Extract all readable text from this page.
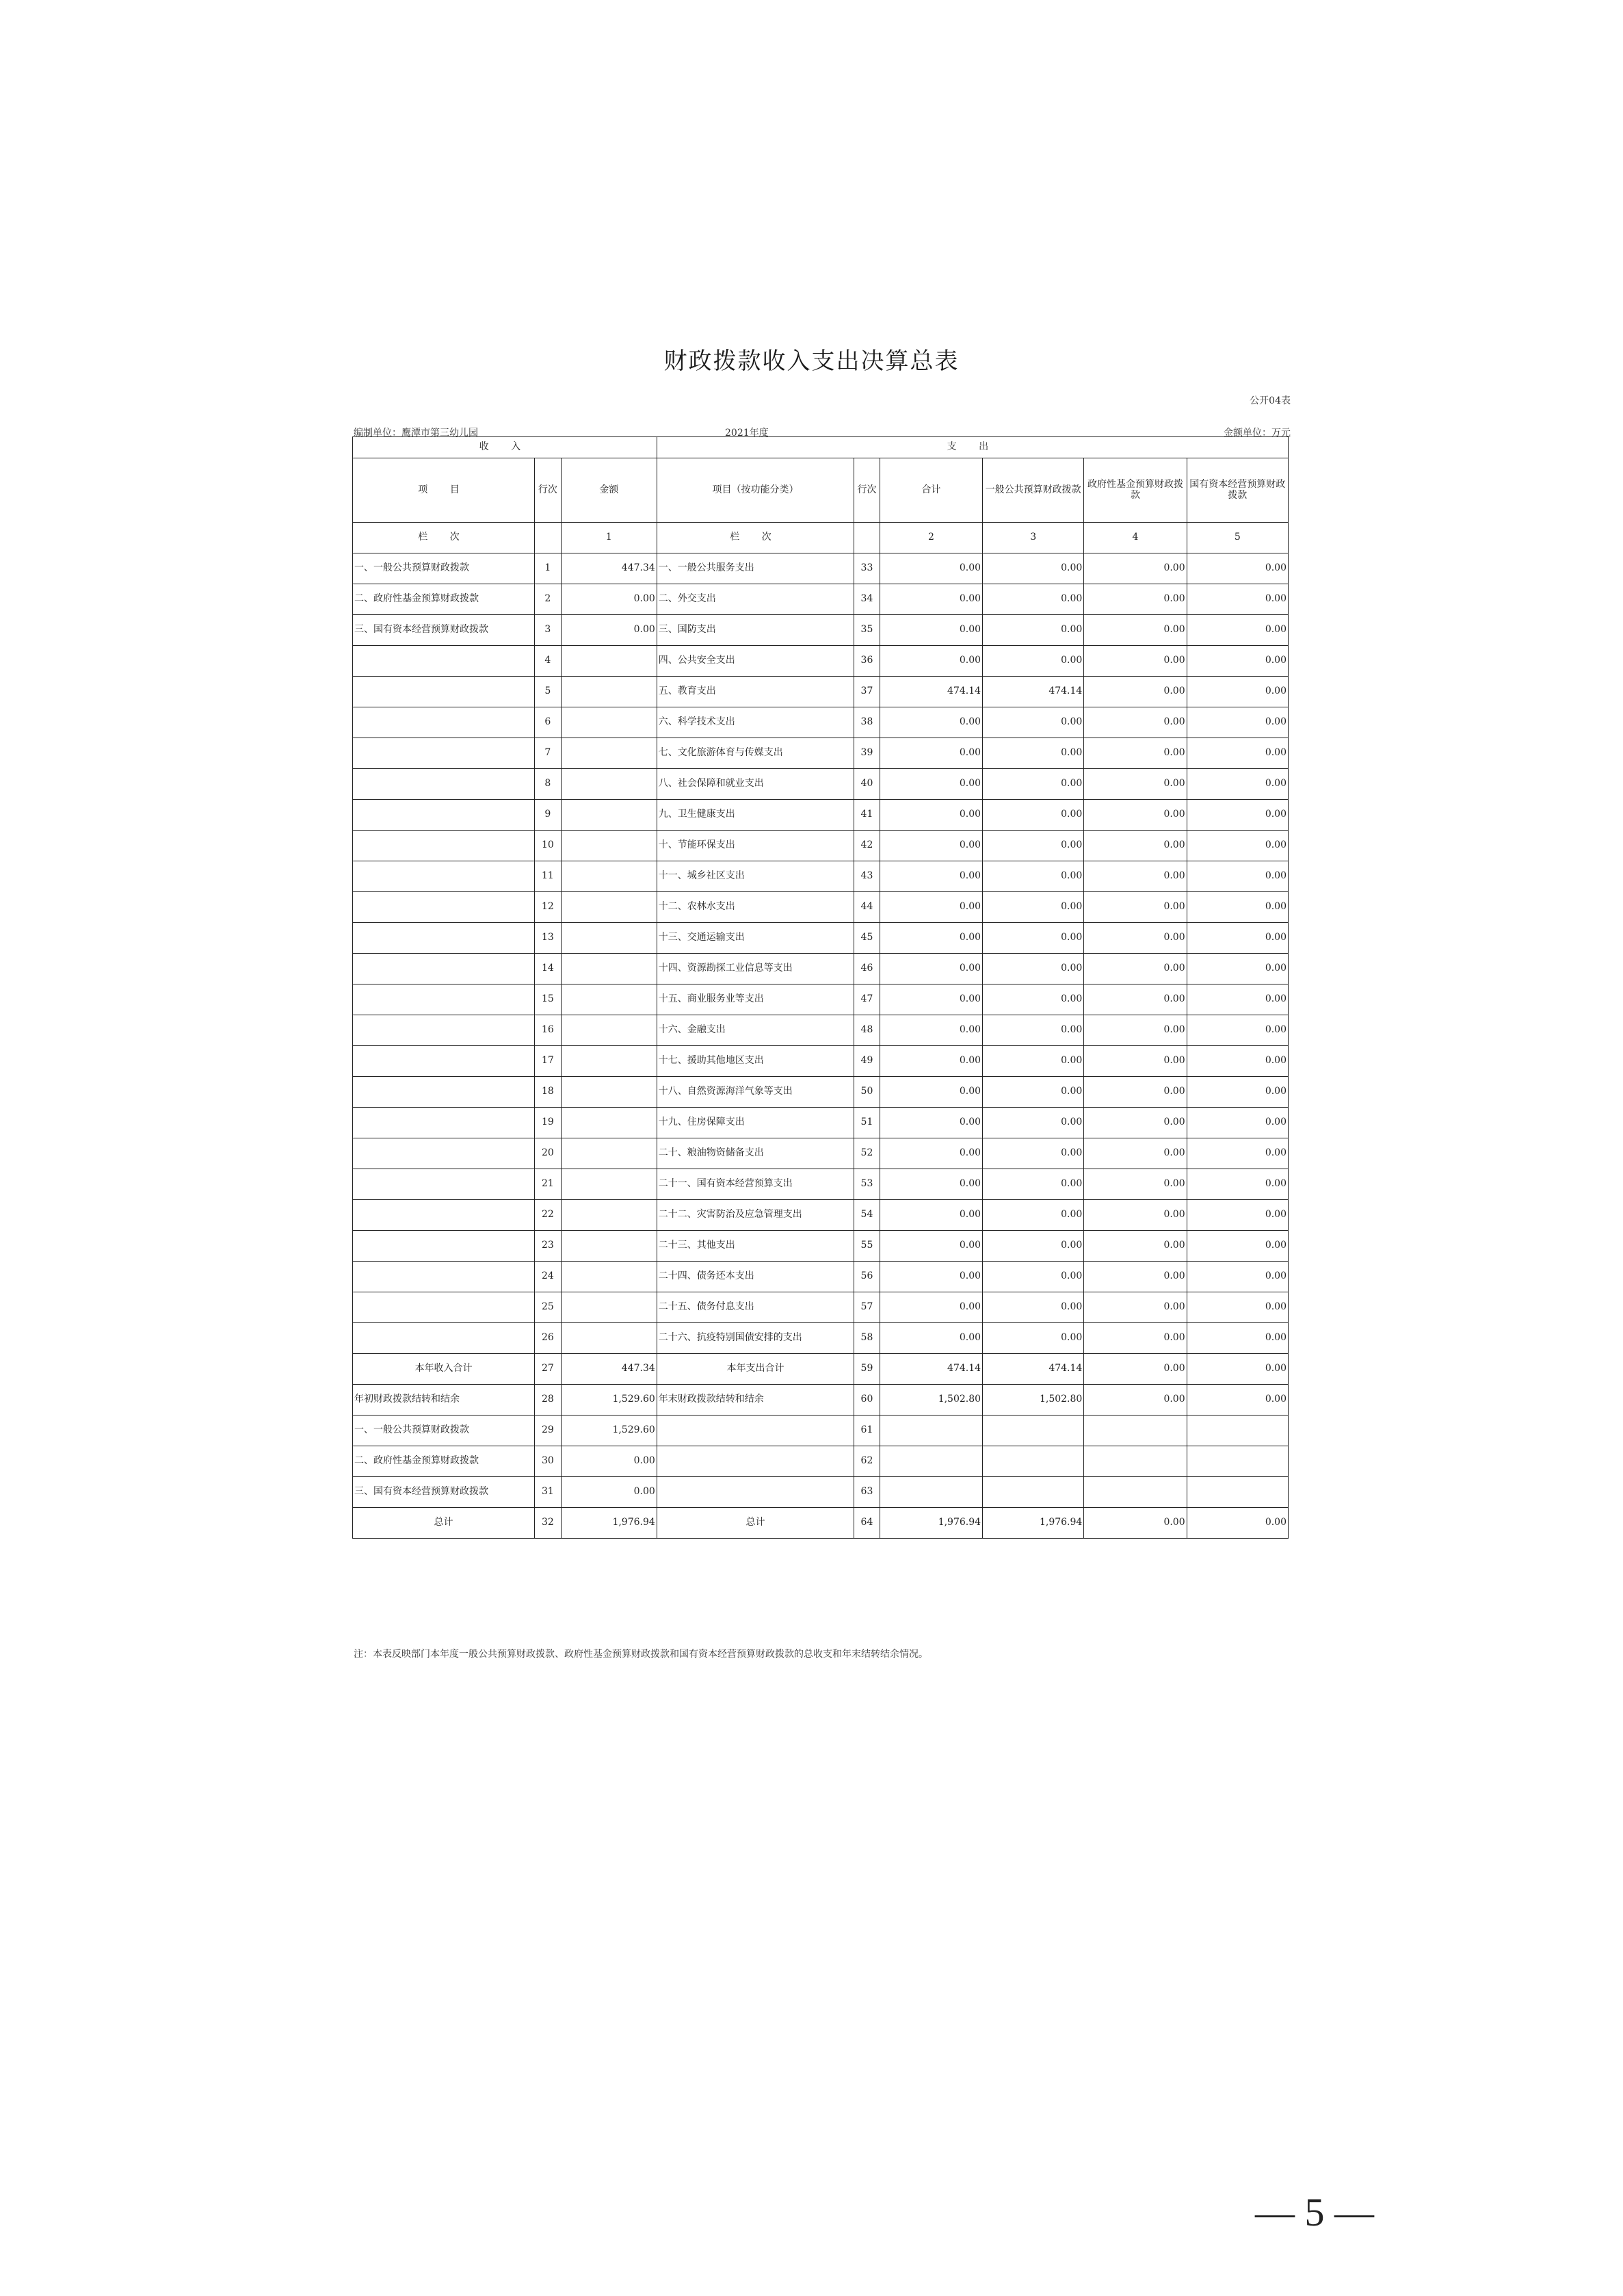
财政拨款收入支出决算总表
公开04表
编制单位：鹰潭市第三幼儿园	2021年度	金额单位：万元
收 入			支 出					
项 目	行次	金额	项目（按功能分类）	行次	合计	一般公共预算财政拨款	政府性基金预算财政拨款	国有资本经营预算财政拨款
栏 次		1	栏 次		2	3	4	5
一、一般公共预算财政拨款	1	447.34	一、一般公共服务支出	33	0.00	0.00	0.00	0.00
二、政府性基金预算财政拨款	2	0.00	二、外交支出	34	0.00	0.00	0.00	0.00
三、国有资本经营预算财政拨款	3	0.00	三、国防支出	35	0.00	0.00	0.00	0.00
	4		四、公共安全支出	36	0.00	0.00	0.00	0.00
	5		五、教育支出	37	474.14	474.14	0.00	0.00
	6		六、科学技术支出	38	0.00	0.00	0.00	0.00
	7		七、文化旅游体育与传媒支出	39	0.00	0.00	0.00	0.00
	8		八、社会保障和就业支出	40	0.00	0.00	0.00	0.00
	9		九、卫生健康支出	41	0.00	0.00	0.00	0.00
	10		十、节能环保支出	42	0.00	0.00	0.00	0.00
	11		十一、城乡社区支出	43	0.00	0.00	0.00	0.00
	12		十二、农林水支出	44	0.00	0.00	0.00	0.00
	13		十三、交通运输支出	45	0.00	0.00	0.00	0.00
	14		十四、资源勘探工业信息等支出	46	0.00	0.00	0.00	0.00
	15		十五、商业服务业等支出	47	0.00	0.00	0.00	0.00
	16		十六、金融支出	48	0.00	0.00	0.00	0.00
	17		十七、援助其他地区支出	49	0.00	0.00	0.00	0.00
	18		十八、自然资源海洋气象等支出	50	0.00	0.00	0.00	0.00
	19		十九、住房保障支出	51	0.00	0.00	0.00	0.00
	20		二十、粮油物资储备支出	52	0.00	0.00	0.00	0.00
	21		二十一、国有资本经营预算支出	53	0.00	0.00	0.00	0.00
	22		二十二、灾害防治及应急管理支出	54	0.00	0.00	0.00	0.00
	23		二十三、其他支出	55	0.00	0.00	0.00	0.00
	24		二十四、债务还本支出	56	0.00	0.00	0.00	0.00
	25		二十五、债务付息支出	57	0.00	0.00	0.00	0.00
	26		二十六、抗疫特别国债安排的支出	58	0.00	0.00	0.00	0.00
本年收入合计	27	447.34	本年支出合计	59	474.14	474.14	0.00	0.00
年初财政拨款结转和结余	28	1,529.60	年末财政拨款结转和结余	60	1,502.80	1,502.80	0.00	0.00
一、一般公共预算财政拨款	29	1,529.60		61				
二、政府性基金预算财政拨款	30	0.00		62				
三、国有资本经营预算财政拨款	31	0.00		63				
总计	32	1,976.94	总计	64	1,976.94	1,976.94	0.00	0.00
注：本表反映部门本年度一般公共预算财政拨款、政府性基金预算财政拨款和国有资本经营预算财政拨款的总收支和年末结转结余情况。
— 5 —
